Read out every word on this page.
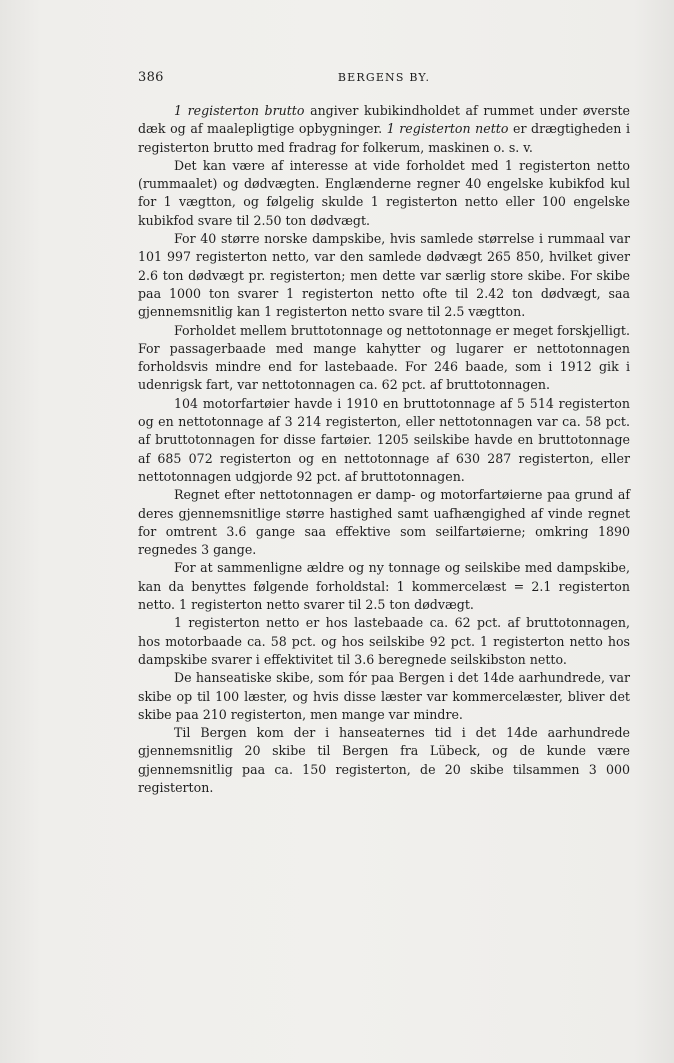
386	BERGENS BY.

1 registerton brutto angiver kubikindholdet af rummet under øverste dæk og af maalepligtige opbygninger. 1 registerton netto er drægtigheden i registerton brutto med fradrag for folkerum, maskinen o. s. v.

Det kan være af interesse at vide forholdet med 1 registerton netto (rummaalet) og dødvægten. Englænderne regner 40 engelske kubikfod kul for 1 vægtton, og følgelig skulde 1 registerton netto eller 100 engelske kubikfod svare til 2.50 ton dødvægt.

For 40 større norske dampskibe, hvis samlede størrelse i rummaal var 101 997 registerton netto, var den samlede dødvægt 265 850, hvilket giver 2.6 ton dødvægt pr. registerton; men dette var særlig store skibe. For skibe paa 1000 ton svarer 1 registerton netto ofte til 2.42 ton dødvægt, saa gjennemsnitlig kan 1 registerton netto svare til 2.5 vægtton.

Forholdet mellem bruttotonnage og nettotonnage er meget forskjelligt. For passagerbaade med mange kahytter og lugarer er nettotonnagen forholdsvis mindre end for lastebaade. For 246 baade, som i 1912 gik i udenrigsk fart, var nettotonnagen ca. 62 pct. af bruttotonnagen.

104 motorfartøier havde i 1910 en bruttotonnage af 5 514 registerton og en nettotonnage af 3 214 registerton, eller nettotonnagen var ca. 58 pct. af bruttotonnagen for disse fartøier. 1205 seilskibe havde en bruttotonnage af 685 072 registerton og en nettotonnage af 630 287 registerton, eller nettotonnagen udgjorde 92 pct. af bruttotonnagen.

Regnet efter nettotonnagen er damp- og motorfartøierne paa grund af deres gjennemsnitlige større hastighed samt uafhængighed af vinde regnet for omtrent 3.6 gange saa effektive som seilfartøierne; omkring 1890 regnedes 3 gange.

For at sammenligne ældre og ny tonnage og seilskibe med dampskibe, kan da benyttes følgende forholdstal: 1 kommercelæst = 2.1 registerton netto. 1 registerton netto svarer til 2.5 ton dødvægt.

1 registerton netto er hos lastebaade ca. 62 pct. af bruttotonnagen, hos motorbaade ca. 58 pct. og hos seilskibe 92 pct. 1 registerton netto hos dampskibe svarer i effektivitet til 3.6 beregnede seilskibston netto.

De hanseatiske skibe, som fór paa Bergen i det 14de aarhundrede, var skibe op til 100 læster, og hvis disse læster var kommercelæster, bliver det skibe paa 210 registerton, men mange var mindre.

Til Bergen kom der i hanseaternes tid i det 14de aarhundrede gjennemsnitlig 20 skibe til Bergen fra Lübeck, og de kunde være gjennemsnitlig paa ca. 150 registerton, de 20 skibe tilsammen 3 000 registerton.
